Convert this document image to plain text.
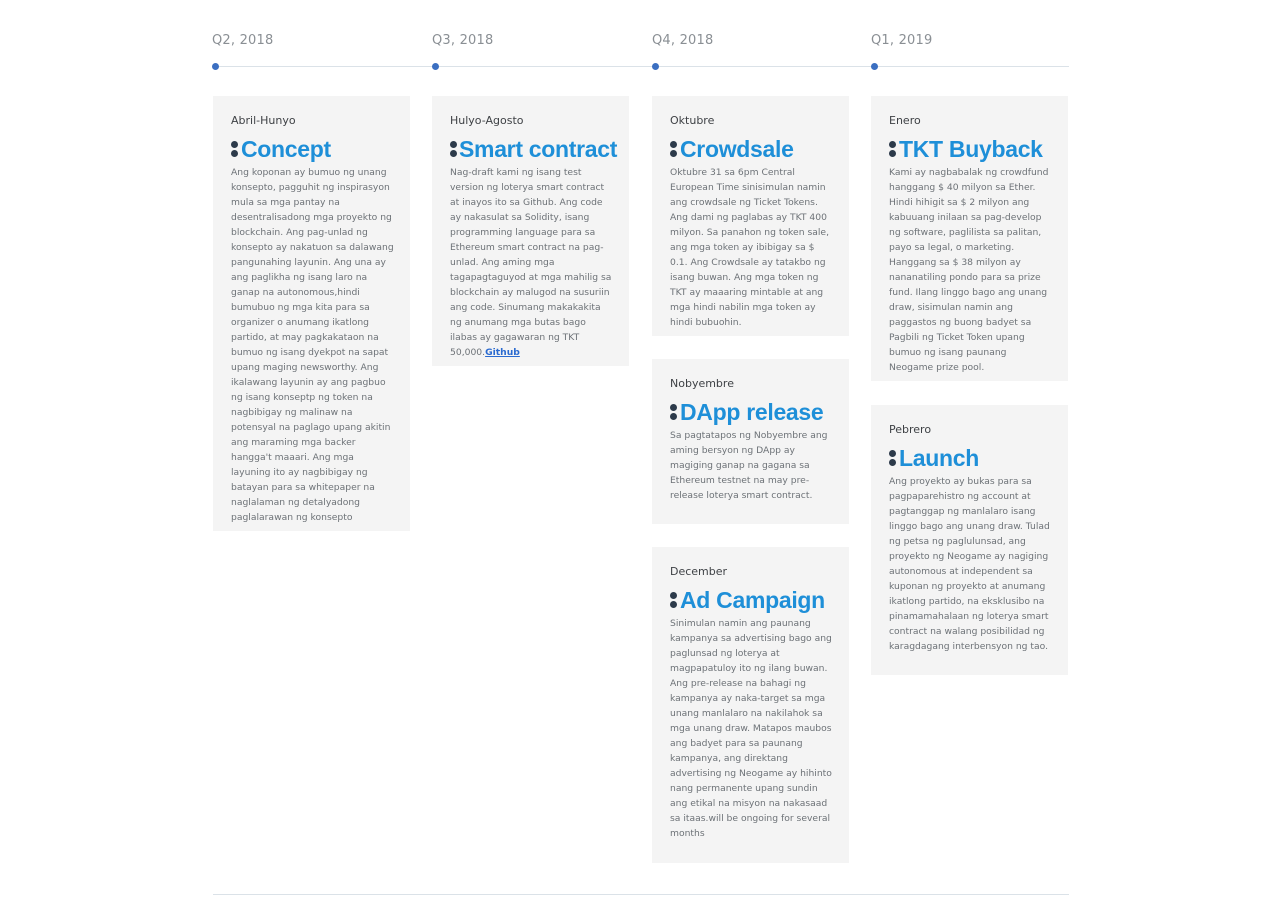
Q2, 2018	Q3, 2018	Q4, 2018	Q1, 2019
Abril-Hunyo
Concept

Ang koponan ay bumuo ng unang konsepto, pagguhit ng inspirasyon mula sa mga pantay na desentralisadong mga proyekto ng blockchain. Ang pag-unlad ng konsepto ay nakatuon sa dalawang pangunahing layunin. Ang una ay ang paglikha ng isang laro na ganap na autonomous,hindi bumubuo ng mga kita para sa organizer o anumang ikatlong partido, at may pagkakataon na bumuo ng isang dyekpot na sapat upang maging newsworthy. Ang ikalawang layunin ay ang pagbuo ng isang konseptp ng token na nagbibigay ng malinaw na potensyal na paglago upang akitin ang maraming mga backer hangga't maaari. Ang mga layuning ito ay nagbibigay ng batayan para sa whitepaper na naglalaman ng detalyadong paglalarawan ng konsepto

Hulyo-Agosto
Smart contract

Nag-draft kami ng isang test version ng loterya smart contract at inayos ito sa Github. Ang code ay nakasulat sa Solidity, isang programming language para sa Ethereum smart contract na pag-unlad. Ang aming mga tagapagtaguyod at mga mahilig sa blockchain ay malugod na susuriin ang code. Sinumang makakakita ng anumang mga butas bago ilabas ay gagawaran ng TKT 50,000.Github

Oktubre
Crowdsale

Oktubre 31 sa 6pm Central European Time sinisimulan namin ang crowdsale ng Ticket Tokens. Ang dami ng paglabas ay TKT 400 milyon. Sa panahon ng token sale, ang mga token ay ibibigay sa $ 0.1. Ang Crowdsale ay tatakbo ng isang buwan. Ang mga token ng TKT ay maaaring mintable at ang mga hindi nabilin mga token ay hindi bubuohin.

Nobyembre
DApp release

Sa pagtatapos ng Nobyembre ang aming bersyon ng DApp ay magiging ganap na gagana sa Ethereum testnet na may pre-release loterya smart contract.

December
Ad Campaign

Sinimulan namin ang paunang kampanya sa advertising bago ang paglunsad ng loterya at magpapatuloy ito ng ilang buwan. Ang pre-release na bahagi ng kampanya ay naka-target sa mga unang manlalaro na nakilahok sa mga unang draw. Matapos maubos ang badyet para sa paunang kampanya, ang direktang advertising ng Neogame ay hihinto nang permanente upang sundin ang etikal na misyon na nakasaad sa itaas.will be ongoing for several months

Enero
TKT Buyback

Kami ay nagbabalak ng crowdfund hanggang $ 40 milyon sa Ether. Hindi hihigit sa $ 2 milyon ang kabuuang inilaan sa pag-develop ng software, paglilista sa palitan, payo sa legal, o marketing. Hanggang sa $ 38 milyon ay nananatiling pondo para sa prize fund. Ilang linggo bago ang unang draw, sisimulan namin ang paggastos ng buong badyet sa Pagbili ng Ticket Token upang bumuo ng isang paunang Neogame prize pool.

Pebrero
Launch

Ang proyekto ay bukas para sa pagpaparehistro ng account at pagtanggap ng manlalaro isang linggo bago ang unang draw. Tulad ng petsa ng paglulunsad, ang proyekto ng Neogame ay nagiging autonomous at independent sa kuponan ng proyekto at anumang ikatlong partido, na eksklusibo na pinamamahalaan ng loterya smart contract na walang posibilidad ng karagdagang interbensyon ng tao.
